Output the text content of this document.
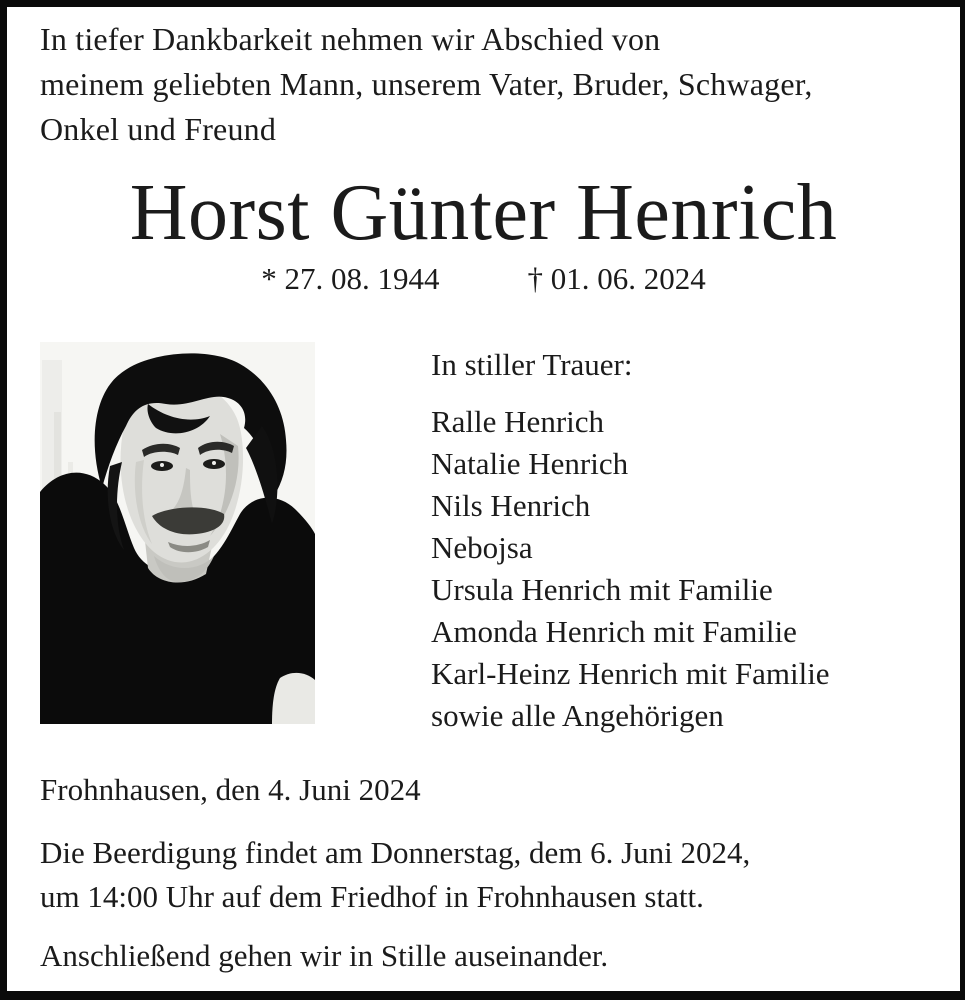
In tiefer Dankbarkeit nehmen wir Abschied von
meinem geliebten Mann, unserem Vater, Bruder, Schwager,
Onkel und Freund
Horst Günter Henrich
* 27. 08. 1944	† 01. 06. 2024

In stiller Trauer:

Ralle Henrich
Natalie Henrich
Nils Henrich
Nebojsa
Ursula Henrich mit Familie
Amonda Henrich mit Familie
Karl-Heinz Henrich mit Familie
sowie alle Angehörigen
Frohnhausen, den 4. Juni 2024
Die Beerdigung findet am Donnerstag, dem 6. Juni 2024,
um 14:00 Uhr auf dem Friedhof in Frohnhausen statt.
Anschließend gehen wir in Stille auseinander.
